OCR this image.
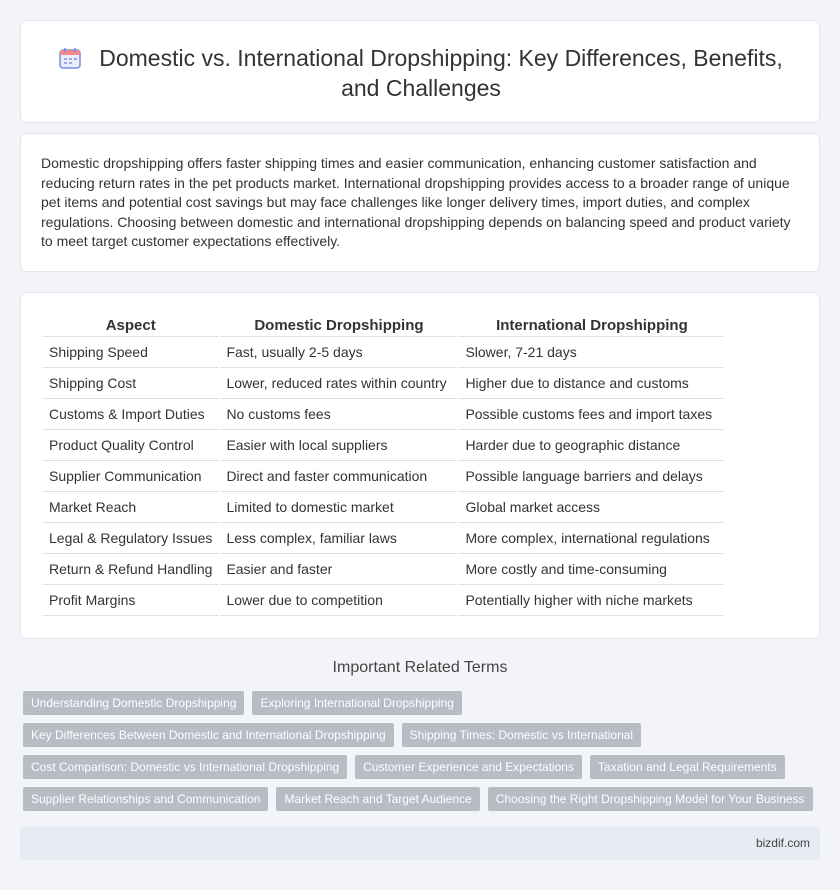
Domestic vs. International Dropshipping: Key Differences, Benefits,
and Challenges

Domestic dropshipping offers faster shipping times and easier communication, enhancing customer satisfaction and reducing return rates in the pet products market. International dropshipping provides access to a broader range of unique pet items and potential cost savings but may face challenges like longer delivery times, import duties, and complex regulations. Choosing between domestic and international dropshipping depends on balancing speed and product variety to meet target customer expectations effectively.

Aspect	Domestic Dropshipping	International Dropshipping
Shipping Speed	Fast, usually 2-5 days	Slower, 7-21 days
Shipping Cost	Lower, reduced rates within country	Higher due to distance and customs
Customs & Import Duties	No customs fees	Possible customs fees and import taxes
Product Quality Control	Easier with local suppliers	Harder due to geographic distance
Supplier Communication	Direct and faster communication	Possible language barriers and delays
Market Reach	Limited to domestic market	Global market access
Legal & Regulatory Issues	Less complex, familiar laws	More complex, international regulations
Return & Refund Handling	Easier and faster	More costly and time-consuming
Profit Margins	Lower due to competition	Potentially higher with niche markets
Important Related Terms
Understanding Domestic Dropshipping	Exploring International Dropshipping
Key Differences Between Domestic and International Dropshipping	Shipping Times: Domestic vs International
Cost Comparison: Domestic vs International Dropshipping	Customer Experience and Expectations	Taxation and Legal Requirements
Supplier Relationships and Communication	Market Reach and Target Audience	Choosing the Right Dropshipping Model for Your Business
bizdif.com
